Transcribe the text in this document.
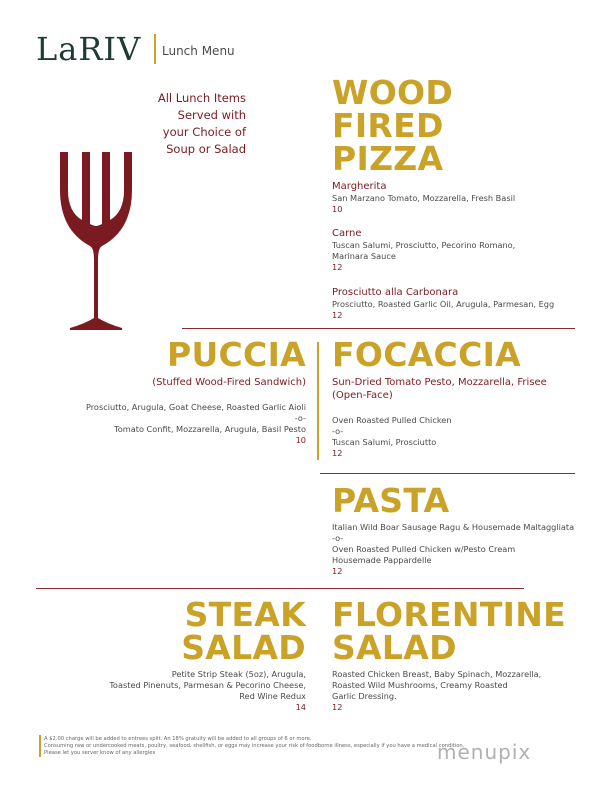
LaRIV Lunch Menu
All Lunch Items
Served with
your Choice of
Soup or Salad
WOOD
FIRED
PIZZA
Margherita
San Marzano Tomato, Mozzarella, Fresh Basil
10
Carne
Tuscan Salumi, Prosciutto, Pecorino Romano,
Marinara Sauce
12
Prosciutto alla Carbonara
Prosciutto, Roasted Garlic Oil, Arugula, Parmesan, Egg
12
PUCCIA
(Stuffed Wood-Fired Sandwich)
Prosciutto, Arugula, Goat Cheese, Roasted Garlic Aioli
-o-
Tomato Confit, Mozzarella, Arugula, Basil Pesto
10
FOCACCIA
Sun-Dried Tomato Pesto, Mozzarella, Frisee
(Open-Face)
Oven Roasted Pulled Chicken
-o-
Tuscan Salumi, Prosciutto
12
PASTA
Italian Wild Boar Sausage Ragu & Housemade Maltaggliata
-o-
Oven Roasted Pulled Chicken w/Pesto Cream
Housemade Pappardelle
12
STEAK
SALAD
Petite Strip Steak (5oz), Arugula,
Toasted Pinenuts, Parmesan & Pecorino Cheese,
Red Wine Redux
14
FLORENTINE
SALAD
Roasted Chicken Breast, Baby Spinach, Mozzarella,
Roasted Wild Mushrooms, Creamy Roasted
Garlic Dressing.
12
A $2.00 charge will be added to entrees split. An 18% gratuity will be added to all groups of 6 or more.
Consuming raw or undercooked meats, poultry, seafood, shellfish, or eggs may increase your risk of foodborne illness, especially if you have a medical condition.
Please let you server know of any allergies	menupix
